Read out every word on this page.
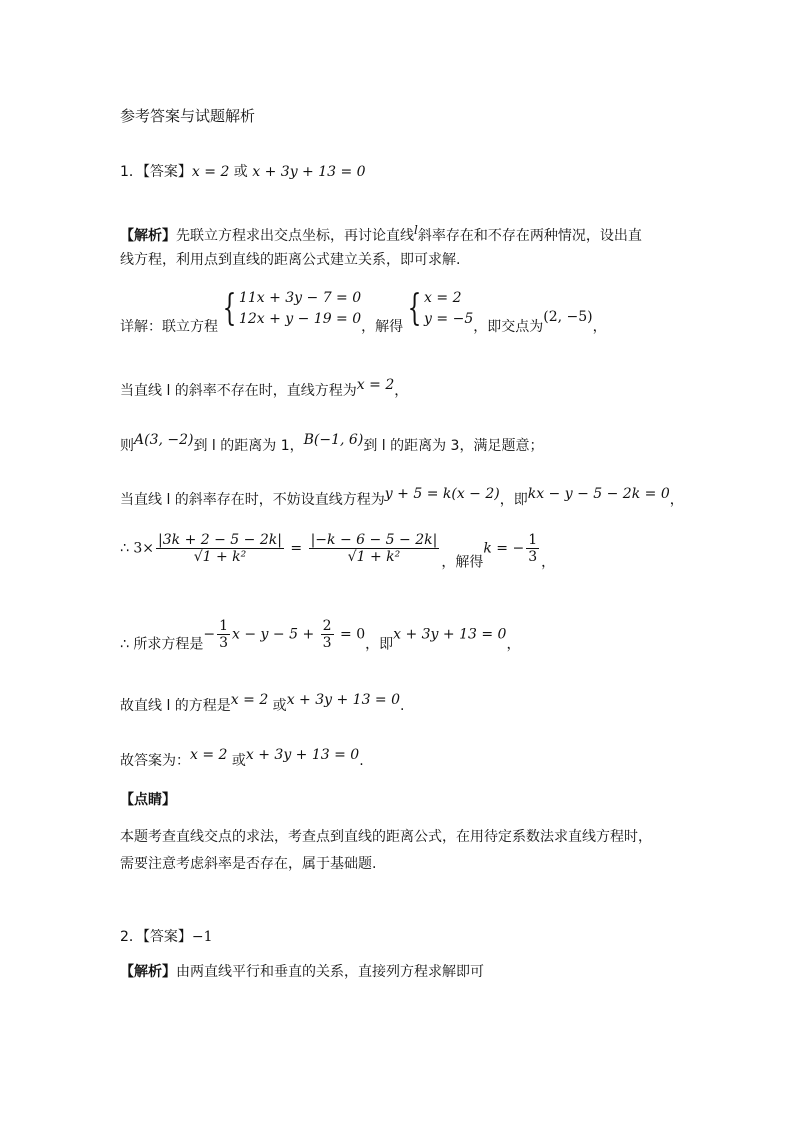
参考答案与试题解析
1．【答案】x = 2 或 x + 3y + 13 = 0
【解析】先联立方程求出交点坐标，再讨论直线l斜率存在和不存在两种情况，设出直
线方程，利用点到直线的距离公式建立关系，即可求解.
详解：联立方程 { 11x + 3y − 7 = 0
12x + y − 19 = 0 ，解得 { x = 2
y = −5 ，即交点为(2, −5)，
当直线 l 的斜率不存在时，直线方程为x = 2，
则A(3, −2)到 l 的距离为 1，B(−1, 6)到 l 的距离为 3，满足题意；
当直线 l 的斜率存在时，不妨设直线方程为y + 5 = k(x − 2)，即kx − y − 5 − 2k = 0，
∴ $3\times \frac{|3k + 2 - 5 - 2k|}{\text{√1 + k²}} = \frac{|-k - 6 - 5 - 2k|}{\text{√1 + k²}}$ ，解得k = − $\frac{1}{3}$ ，
∴ 所求方程是− $\frac{1}{3}$ $x - y - 5 + \frac{2}{3} = 0$，即x + 3y + 13 = 0，
故直线 l 的方程是x = 2 或x + 3y + 13 = 0.
故答案为：x = 2 或x + 3y + 13 = 0.
【点睛】
本题考查直线交点的求法，考查点到直线的距离公式，在用待定系数法求直线方程时，
需要注意考虑斜率是否存在，属于基础题.
2．【答案】−1
【解析】由两直线平行和垂直的关系，直接列方程求解即可
